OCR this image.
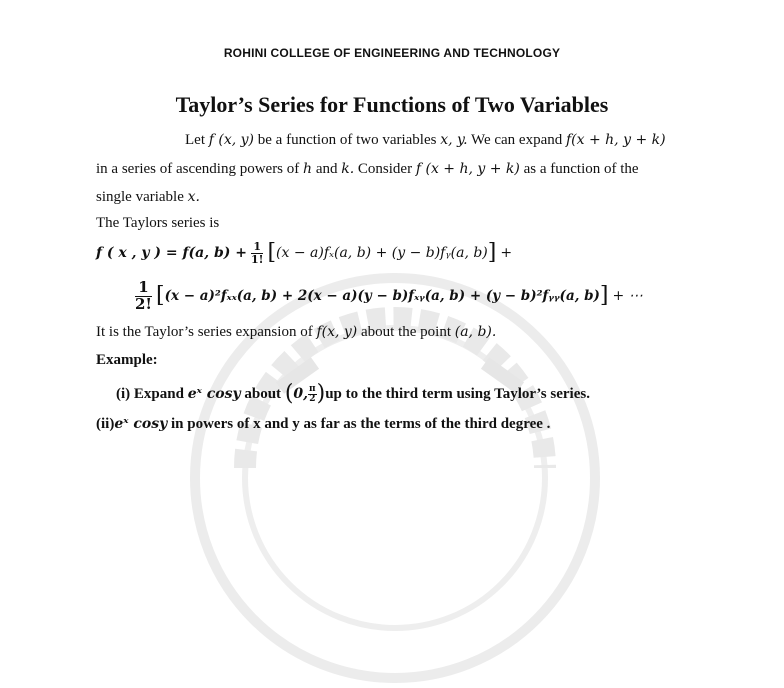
ROHINI COLLEGE OF ENGINEERING AND TECHNOLOGY
Taylor’s Series for Functions of Two Variables
Let f (x, y) be a function of two variables x, y. We can expand f(x + h, y + k)
in a series of ascending powers of h and k. Consider f (x + h, y + k) as a function of the
single variable x.
The Taylors series is
f ( x , y ) = f(a, $b) + \frac{1}{1!} [(x - a)f_x(a$, b) + (y − b)fᵧ(a, b)] +
$\frac{1}{2!} [(x - a)^2f_{xx}(a$, b) + 2(x − a)(y − b)fₓᵧ(a, b) + (y − b)²fᵧᵧ(a, b)] + ⋯
It is the Taylor’s series expansion of f(x, y) about the point (a, b).
Example:
(i) Expand eˣ cosy about (0, $\frac{\pi}{2} )up$ to the third term using Taylor’s series.
(ii)eˣ cosy in powers of x and y as far as the terms of the third degree .
